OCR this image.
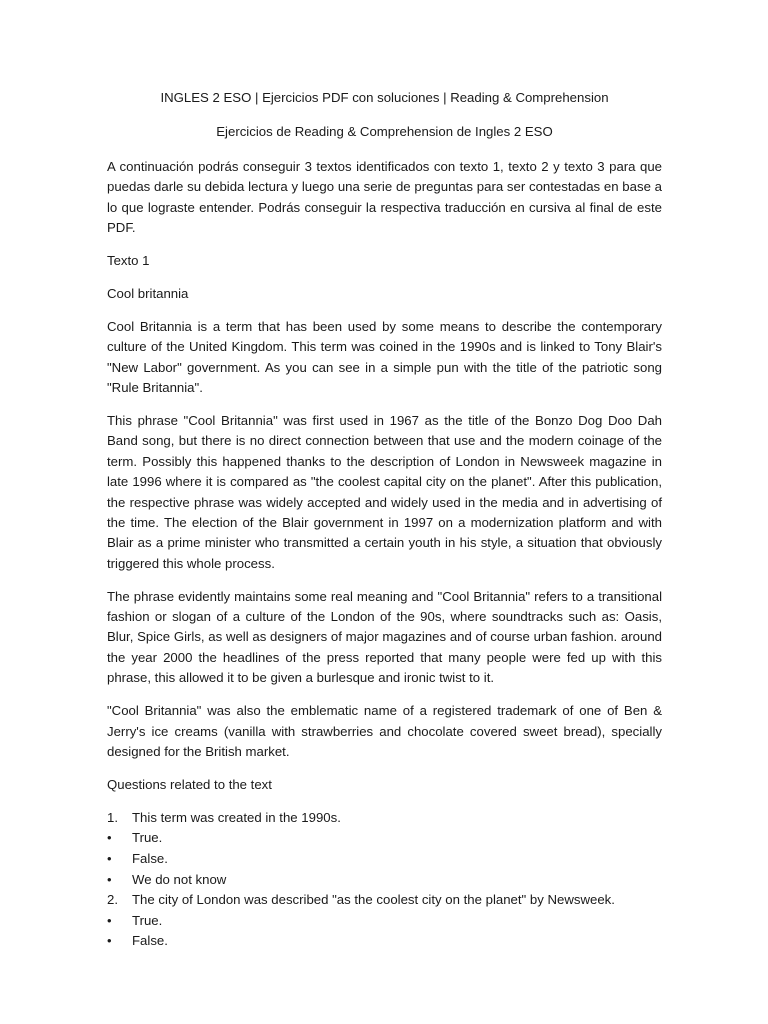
INGLES 2 ESO | Ejercicios PDF con soluciones | Reading & Comprehension

Ejercicios de Reading & Comprehension de Ingles 2 ESO

A continuación podrás conseguir 3 textos identificados con texto 1, texto 2 y texto 3 para que puedas darle su debida lectura y luego una serie de preguntas para ser contestadas en base a lo que lograste entender. Podrás conseguir la respectiva traducción en cursiva al final de este PDF.

Texto 1

Cool britannia

Cool Britannia is a term that has been used by some means to describe the contemporary culture of the United Kingdom. This term was coined in the 1990s and is linked to Tony Blair's "New Labor" government. As you can see in a simple pun with the title of the patriotic song "Rule Britannia".

This phrase "Cool Britannia" was first used in 1967 as the title of the Bonzo Dog Doo Dah Band song, but there is no direct connection between that use and the modern coinage of the term. Possibly this happened thanks to the description of London in Newsweek magazine in late 1996 where it is compared as "the coolest capital city on the planet". After this publication, the respective phrase was widely accepted and widely used in the media and in advertising of the time. The election of the Blair government in 1997 on a modernization platform and with Blair as a prime minister who transmitted a certain youth in his style, a situation that obviously triggered this whole process.

The phrase evidently maintains some real meaning and "Cool Britannia" refers to a transitional fashion or slogan of a culture of the London of the 90s, where soundtracks such as: Oasis, Blur, Spice Girls, as well as designers of major magazines and of course urban fashion. around the year 2000 the headlines of the press reported that many people were fed up with this phrase, this allowed it to be given a burlesque and ironic twist to it.

"Cool Britannia" was also the emblematic name of a registered trademark of one of Ben & Jerry's ice creams (vanilla with strawberries and chocolate covered sweet bread), specially designed for the British market.

Questions related to the text

1.	This term was created in the 1990s.
•	True.
•	False.
•	We do not know
2.	The city of London was described "as the coolest city on the planet" by Newsweek.
•	True.
•	False.
